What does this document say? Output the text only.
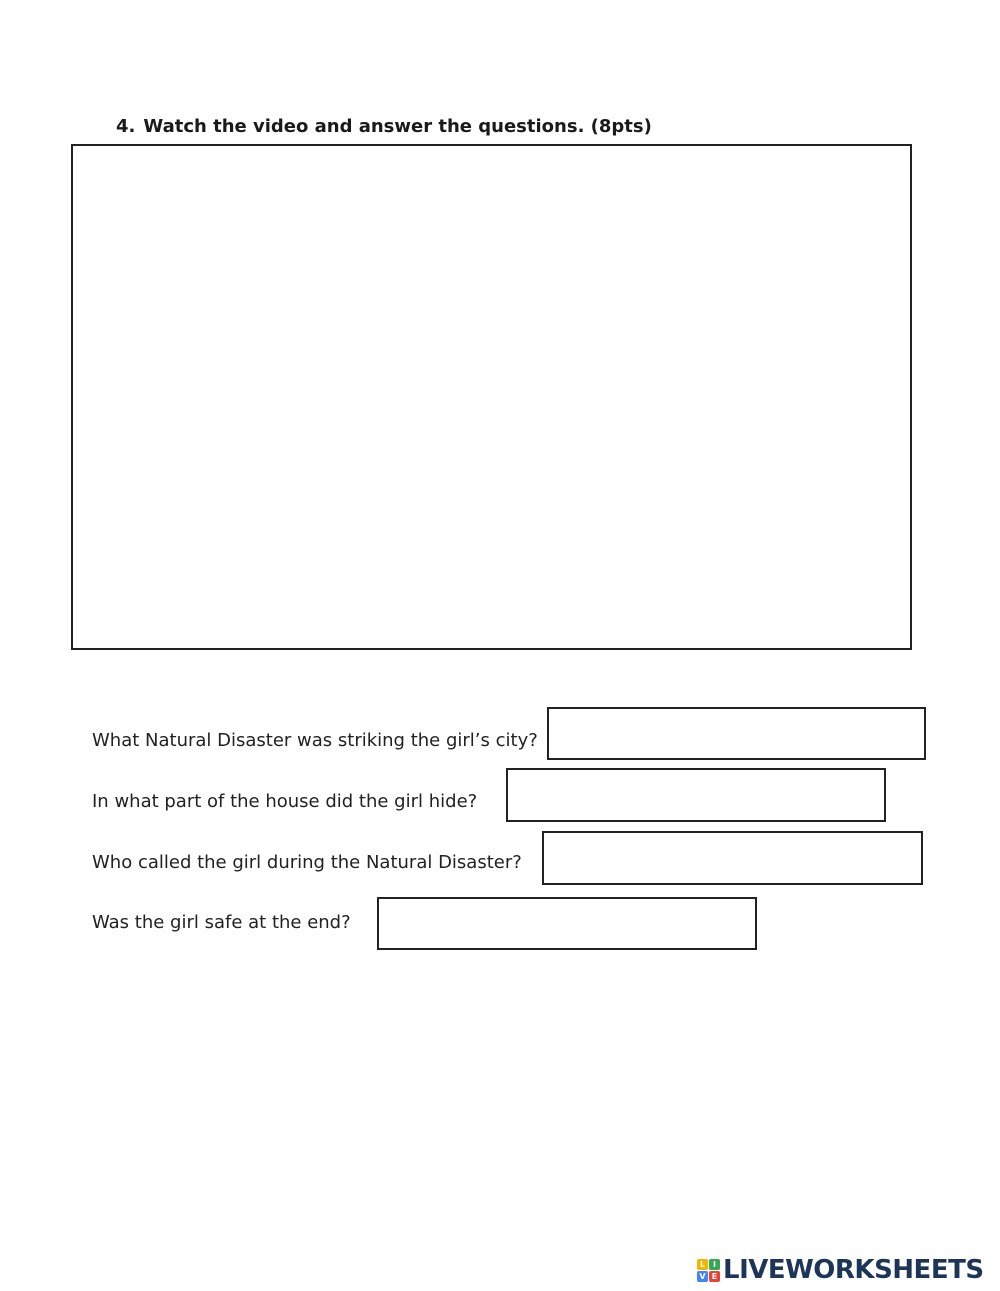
4. Watch the video and answer the questions. (8pts)
What Natural Disaster was striking the girl’s city?
In what part of the house did the girl hide?
Who called the girl during the Natural Disaster?
Was the girl safe at the end?
L I
V E LIVEWORKSHEETS
